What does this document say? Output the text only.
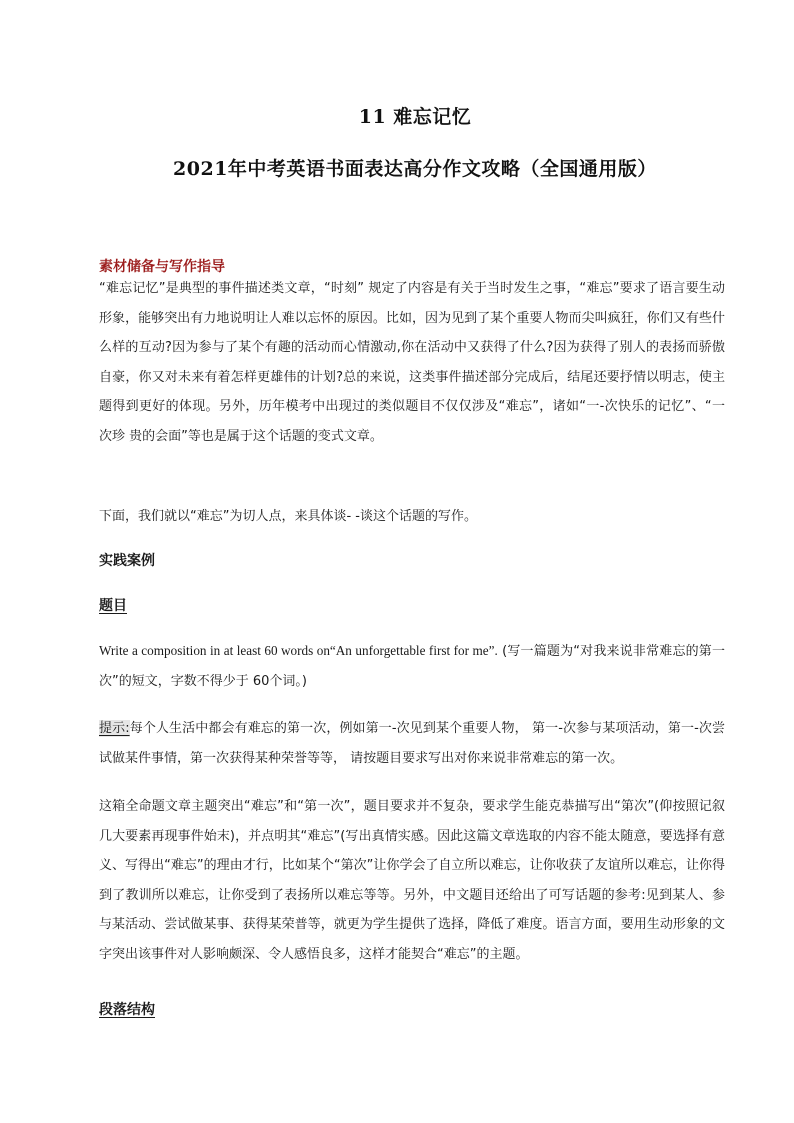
11 难忘记忆
2021年中考英语书面表达高分作文攻略（全国通用版）
素材储备与写作指导

“难忘记忆”是典型的事件描述类文章，“时刻” 规定了内容是有关于当时发生之事，“难忘”要求了语言要生动形象，能够突出有力地说明让人难以忘怀的原因。比如，因为见到了某个重要人物而尖叫疯狂，你们又有些什么样的互动?因为参与了某个有趣的活动而心情激动,你在活动中又获得了什么?因为获得了别人的表扬而骄傲自豪，你又对未来有着怎样更雄伟的计划?总的来说，这类事件描述部分完成后，结尾还要抒情以明志，使主题得到更好的体现。另外，历年模考中出现过的类似题目不仅仅涉及“难忘”，诸如“一-次快乐的记忆”、“一 次珍 贵的会面”等也是属于这个话题的变式文章。

下面，我们就以“难忘”为切人点，来具体谈- -谈这个话题的写作。

实践案例
题目

Write a composition in at least 60 words on“An unforgettable first for me”. (写一篇题为“对我来说非常难忘的第一次”的短文，字数不得少于 60个词。)

提示:每个人生活中都会有难忘的第一次，例如第一-次见到某个重要人物， 第一-次参与某项活动，第一-次尝试做某件事情，第一次获得某种荣誉等等， 请按题目要求写出对你来说非常难忘的第一次。

这箱全命题文章主题突出“难忘”和“第一次”，题目要求并不复杂，要求学生能克恭描写出“第次”(仰按照记叙几大要素再现事件始末)，并点明其“难忘”(写出真情实感。因此这篇文章选取的内容不能太随意，要选择有意义、写得出“难忘”的理由才行，比如某个“第次”让你学会了自立所以难忘，让你收获了友谊所以难忘，让你得到了教训所以难忘，让你受到了表扬所以难忘等等。另外，中文题目还给出了可写话题的参考:见到某人、参与某活动、尝试做某事、获得某荣普等，就更为学生提供了选择，降低了难度。语言方面，要用生动形象的文字突出该事件对人影响颇深、令人感悟良多，这样才能契合“难忘”的主题。

段落结构
